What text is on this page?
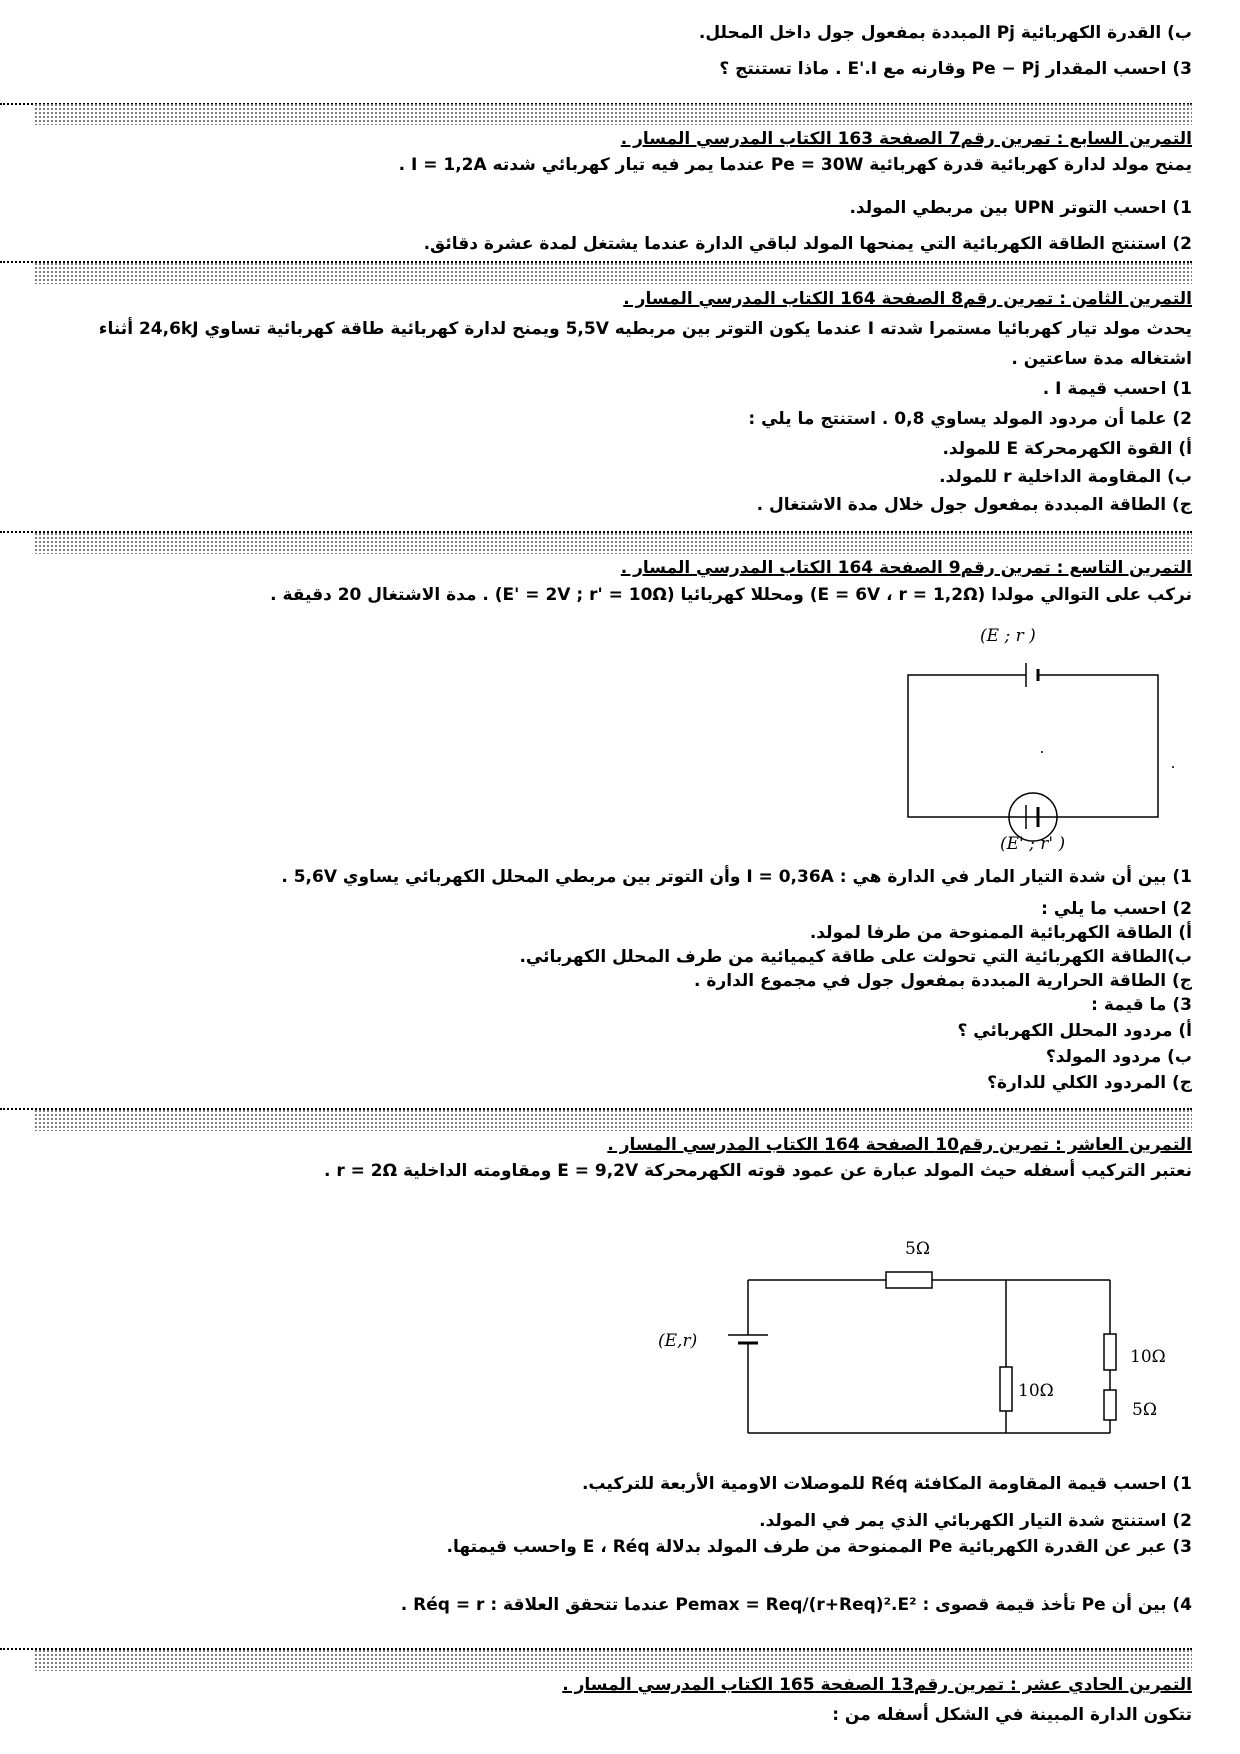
ب) القدرة الكهربائية Pj المبددة بمفعول جول داخل المحلل.
3) احسب المقدار Pe − Pj وقارنه مع E'.I . ماذا تستنتج ؟
التمرين السابع : تمرين رقم7 الصفحة 163 الكتاب المدرسي المسار .
يمنح مولد لدارة كهربائية قدرة كهربائية Pe = 30W عندما يمر فيه تيار كهربائي شدته I = 1,2A .
1) احسب التوتر UPN بين مربطي المولد.
2) استنتج الطاقة الكهربائية التي يمنحها المولد لباقي الدارة عندما يشتغل لمدة عشرة دقائق.
التمرين الثامن : تمرين رقم8 الصفحة 164 الكتاب المدرسي المسار .
يحدث مولد تيار كهربائيا مستمرا شدته I عندما يكون التوتر بين مربطيه 5,5V ويمنح لدارة كهربائية طاقة كهربائية تساوي 24,6kJ أثناء اشتغاله مدة ساعتين .
1) احسب قيمة I .
2) علما أن مردود المولد يساوي 0,8 . استنتج ما يلي :
أ) القوة الكهرمحركة E للمولد.
ب) المقاومة الداخلية r للمولد.
ج) الطاقة المبددة بمفعول جول خلال مدة الاشتغال .
التمرين التاسع : تمرين رقم9 الصفحة 164 الكتاب المدرسي المسار .
نركب على التوالي مولدا (E = 6V ، r = 1,2Ω) ومحللا كهربائيا (E' = 2V ; r' = 10Ω) . مدة الاشتغال 20 دقيقة .
(E ; r )
(E' ; r' )
1) بين أن شدة التيار المار في الدارة هي : I = 0,36A وأن التوتر بين مربطي المحلل الكهربائي يساوي 5,6V .
2) احسب ما يلي :
أ) الطاقة الكهربائية الممنوحة من طرفا لمولد.
ب)الطاقة الكهربائية التي تحولت على طاقة كيميائية من طرف المحلل الكهربائي.
ج) الطاقة الحرارية المبددة بمفعول جول في مجموع الدارة .
3) ما قيمة :
أ) مردود المحلل الكهربائي ؟
ب) مردود المولد؟
ج) المردود الكلي للدارة؟
التمرين العاشر : تمرين رقم10 الصفحة 164 الكتاب المدرسي المسار .
نعتبر التركيب أسفله حيث المولد عبارة عن عمود قوته الكهرمحركة E = 9,2V ومقاومته الداخلية r = 2Ω .
5Ω
(E,r)
10Ω
10Ω
5Ω
1) احسب قيمة المقاومة المكافئة Réq للموصلات الاومية الأربعة للتركيب.
2) استنتج شدة التيار الكهربائي الذي يمر في المولد.
3) عبر عن القدرة الكهربائية Pe الممنوحة من طرف المولد بدلالة E ، Réq واحسب قيمتها.
4) بين أن Pe تأخذ قيمة قصوى : Pemax = Req/(r+Req)².E² عندما تتحقق العلاقة : Réq = r .
التمرين الحادي عشر : تمرين رقم13 الصفحة 165 الكتاب المدرسي المسار .
تتكون الدارة المبينة في الشكل أسفله من :
